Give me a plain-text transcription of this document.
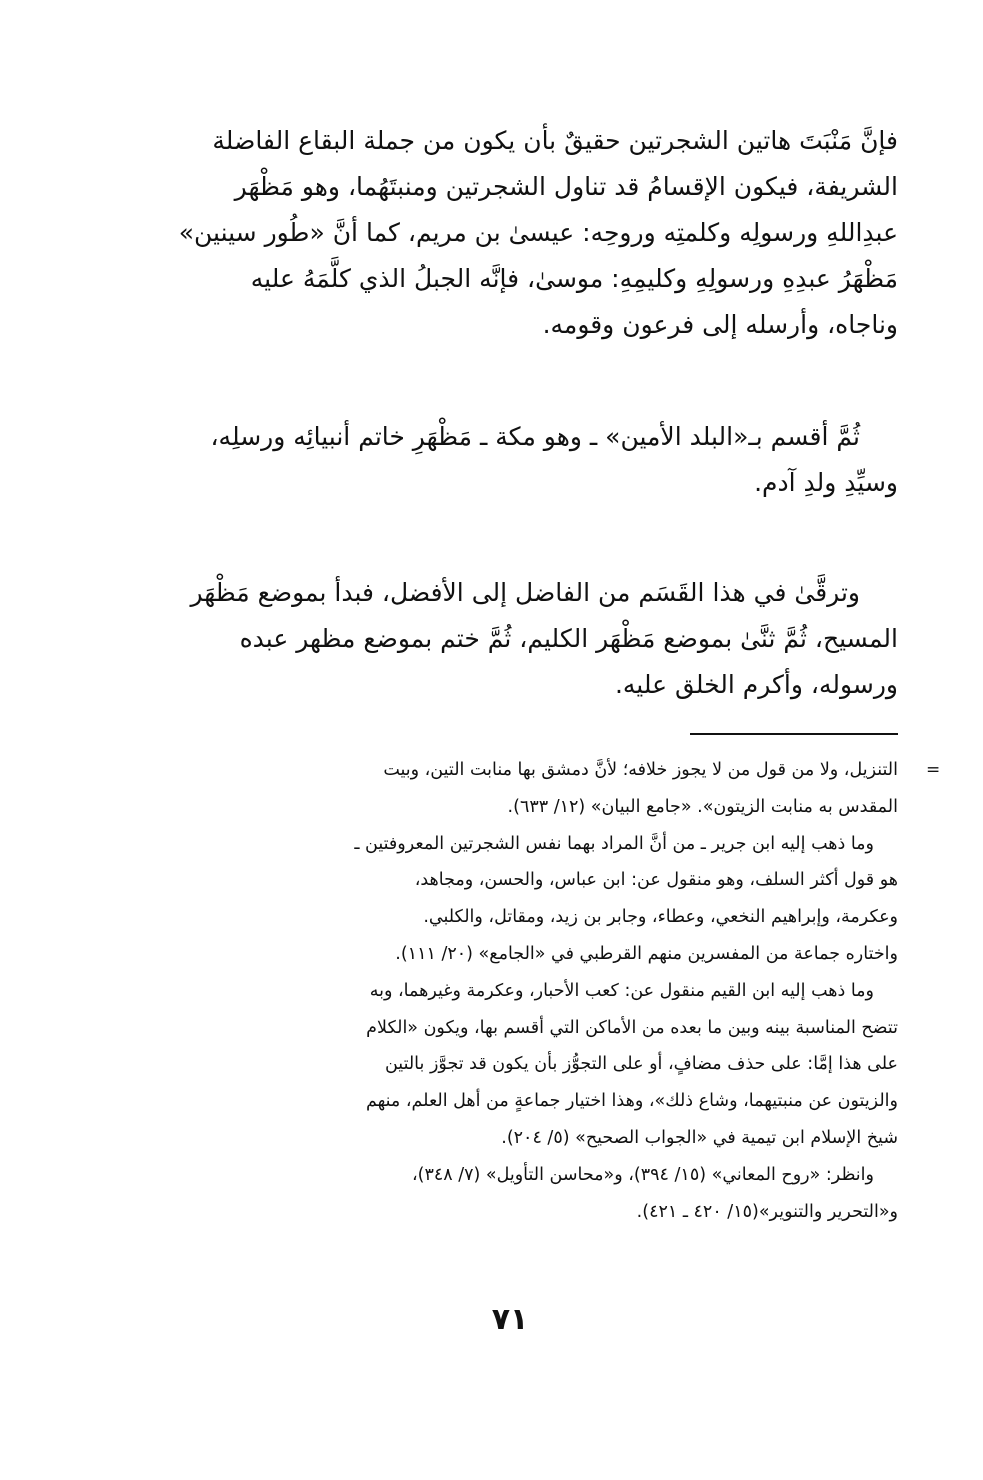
فإنَّ مَنْبَتَ هاتين الشجرتين حقيقٌ بأن يكون من جملة البقاع الفاضلة
الشريفة، فيكون الإقسامُ قد تناول الشجرتين ومنبتَهُما، وهو مَظْهَر
عبدِاللهِ ورسولِه وكلمتِه وروحِه: عيسىٰ بن مريم، كما أنَّ «طُور سينين»
مَظْهَرُ عبدِهِ ورسولِهِ وكليمِهِ: موسىٰ، فإنَّه الجبلُ الذي كلَّمَهُ عليه
وناجاه، وأرسله إلى فرعون وقومه.
ثُمَّ أقسم بـ«البلد الأمين» ـ وهو مكة ـ مَظْهَرِ خاتم أنبيائِه ورسلِه،
وسيِّدِ ولدِ آدم.
وترقَّىٰ في هذا القَسَم من الفاضل إلى الأفضل، فبدأ بموضع مَظْهَر
المسيح، ثُمَّ ثنَّىٰ بموضع مَظْهَر الكليم، ثُمَّ ختم بموضع مظهر عبده
ورسوله، وأكرم الخلق عليه.
=
التنزيل، ولا من قول من لا يجوز خلافه؛ لأنَّ دمشق بها منابت التين، وبيت
المقدس به منابت الزيتون». «جامع البيان» (١٢/ ٦٣٣).
وما ذهب إليه ابن جرير ـ من أنَّ المراد بهما نفس الشجرتين المعروفتين ـ
هو قول أكثر السلف، وهو منقول عن: ابن عباس، والحسن، ومجاهد،
وعكرمة، وإبراهيم النخعي، وعطاء، وجابر بن زيد، ومقاتل، والكلبي.
واختاره جماعة من المفسرين منهم القرطبي في «الجامع» (٢٠/ ١١١).
وما ذهب إليه ابن القيم منقول عن: كعب الأحبار، وعكرمة وغيرهما، وبه
تتضح المناسبة بينه وبين ما بعده من الأماكن التي أقسم بها، ويكون «الكلام
على هذا إمَّا: على حذف مضافٍ، أو على التجوُّز بأن يكون قد تجوَّز بالتين
والزيتون عن منبتيهما، وشاع ذلك»، وهذا اختيار جماعةٍ من أهل العلم، منهم
شيخ الإسلام ابن تيمية في «الجواب الصحيح» (٥/ ٢٠٤).
وانظر: «روح المعاني» (١٥/ ٣٩٤)، و«محاسن التأويل» (٧/ ٣٤٨)،
و«التحرير والتنوير»(١٥/ ٤٢٠ ـ ٤٢١).
٧١
